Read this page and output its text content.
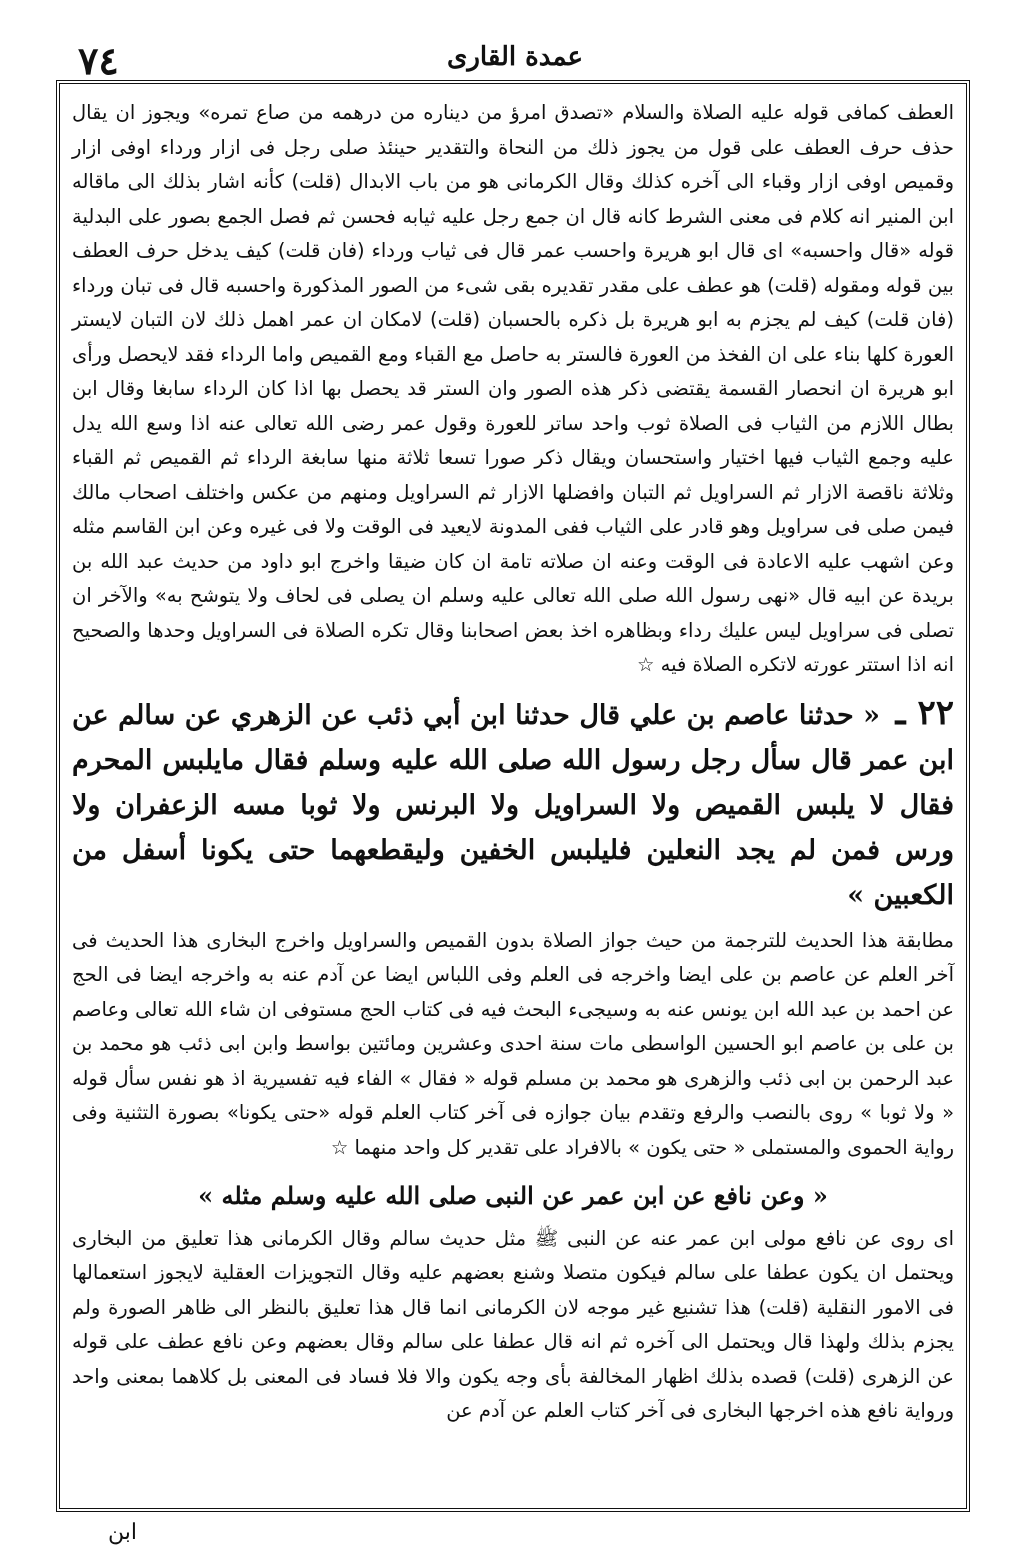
٧٤	عمدة القاری

العطف كمافى قوله عليه الصلاة والسلام «تصدق امرؤ من ديناره من درهمه من صاع تمره» ويجوز ان يقال حذف حرف العطف على قول من يجوز ذلك من النحاة والتقدير حينئذ صلى رجل فى ازار ورداء اوفى ازار وقميص اوفى ازار وقباء الى آخره كذلك وقال الكرمانى هو من باب الابدال (قلت) كأنه اشار بذلك الى ماقاله ابن المنير انه كلام فى معنى الشرط كانه قال ان جمع رجل عليه ثيابه فحسن ثم فصل الجمع بصور على البدلية قوله «قال واحسبه» اى قال ابو هريرة واحسب عمر قال فى ثياب ورداء (فان قلت) كيف يدخل حرف العطف بين قوله ومقوله (قلت) هو عطف على مقدر تقديره بقى شىء من الصور المذكورة واحسبه قال فى تبان ورداء (فان قلت) كيف لم يجزم به ابو هريرة بل ذكره بالحسبان (قلت) لامكان ان عمر اهمل ذلك لان التبان لايستر العورة كلها بناء على ان الفخذ من العورة فالستر به حاصل مع القباء ومع القميص واما الرداء فقد لايحصل ورأى ابو هريرة ان انحصار القسمة يقتضى ذكر هذه الصور وان الستر قد يحصل بها اذا كان الرداء سابغا وقال ابن بطال اللازم من الثياب فى الصلاة ثوب واحد ساتر للعورة وقول عمر رضى الله تعالى عنه اذا وسع الله يدل عليه وجمع الثياب فيها اختيار واستحسان ويقال ذكر صورا تسعا ثلاثة منها سابغة الرداء ثم القميص ثم القباء وثلاثة ناقصة الازار ثم السراويل ثم التبان وافضلها الازار ثم السراويل ومنهم من عكس واختلف اصحاب مالك فيمن صلى فى سراويل وهو قادر على الثياب ففى المدونة لايعيد فى الوقت ولا فى غيره وعن ابن القاسم مثله وعن اشهب عليه الاعادة فى الوقت وعنه ان صلاته تامة ان كان ضيقا واخرج ابو داود من حديث عبد الله بن بريدة عن ابيه قال «نهى رسول الله صلى الله تعالى عليه وسلم ان يصلى فى لحاف ولا يتوشح به» والآخر ان تصلى فى سراويل ليس عليك رداء وبظاهره اخذ بعض اصحابنا وقال تكره الصلاة فى السراويل وحدها والصحيح انه اذا استتر عورته لاتكره الصلاة فيه ☆

٢٢ ـ « حدثنا عاصم بن علي قال حدثنا ابن أبي ذئب عن الزهري عن سالم عن ابن عمر قال سأل رجل رسول الله صلى الله عليه وسلم فقال مايلبس المحرم فقال لا يلبس القميص ولا السراويل ولا البرنس ولا ثوبا مسه الزعفران ولا ورس فمن لم يجد النعلين فليلبس الخفين وليقطعهما حتى يكونا أسفل من الكعبين »

مطابقة هذا الحديث للترجمة من حيث جواز الصلاة بدون القميص والسراويل واخرج البخارى هذا الحديث فى آخر العلم عن عاصم بن على ايضا واخرجه فى العلم وفى اللباس ايضا عن آدم عنه به واخرجه ايضا فى الحج عن احمد بن عبد الله ابن يونس عنه به وسيجىء البحث فيه فى كتاب الحج مستوفى ان شاء الله تعالى وعاصم بن على بن عاصم ابو الحسين الواسطى مات سنة احدى وعشرين ومائتين بواسط وابن ابى ذئب هو محمد بن عبد الرحمن بن ابى ذئب والزهرى هو محمد بن مسلم قوله « فقال » الفاء فيه تفسيرية اذ هو نفس سأل قوله « ولا ثوبا » روى بالنصب والرفع وتقدم بيان جوازه فى آخر كتاب العلم قوله «حتى يكونا» بصورة التثنية وفى رواية الحموى والمستملى « حتى يكون » بالافراد على تقدير كل واحد منهما ☆

« وعن نافع عن ابن عمر عن النبى صلى الله عليه وسلم مثله »

اى روى عن نافع مولى ابن عمر عنه عن النبى ﷺ مثل حديث سالم وقال الكرمانى هذا تعليق من البخارى ويحتمل ان يكون عطفا على سالم فيكون متصلا وشنع بعضهم عليه وقال التجويزات العقلية لايجوز استعمالها فى الامور النقلية (قلت) هذا تشنيع غير موجه لان الكرمانى انما قال هذا تعليق بالنظر الى ظاهر الصورة ولم يجزم بذلك ولهذا قال ويحتمل الى آخره ثم انه قال عطفا على سالم وقال بعضهم وعن نافع عطف على قوله عن الزهرى (قلت) قصده بذلك اظهار المخالفة بأى وجه يكون والا فلا فساد فى المعنى بل كلاهما بمعنى واحد ورواية نافع هذه اخرجها البخارى فى آخر كتاب العلم عن آدم عن

ابن
